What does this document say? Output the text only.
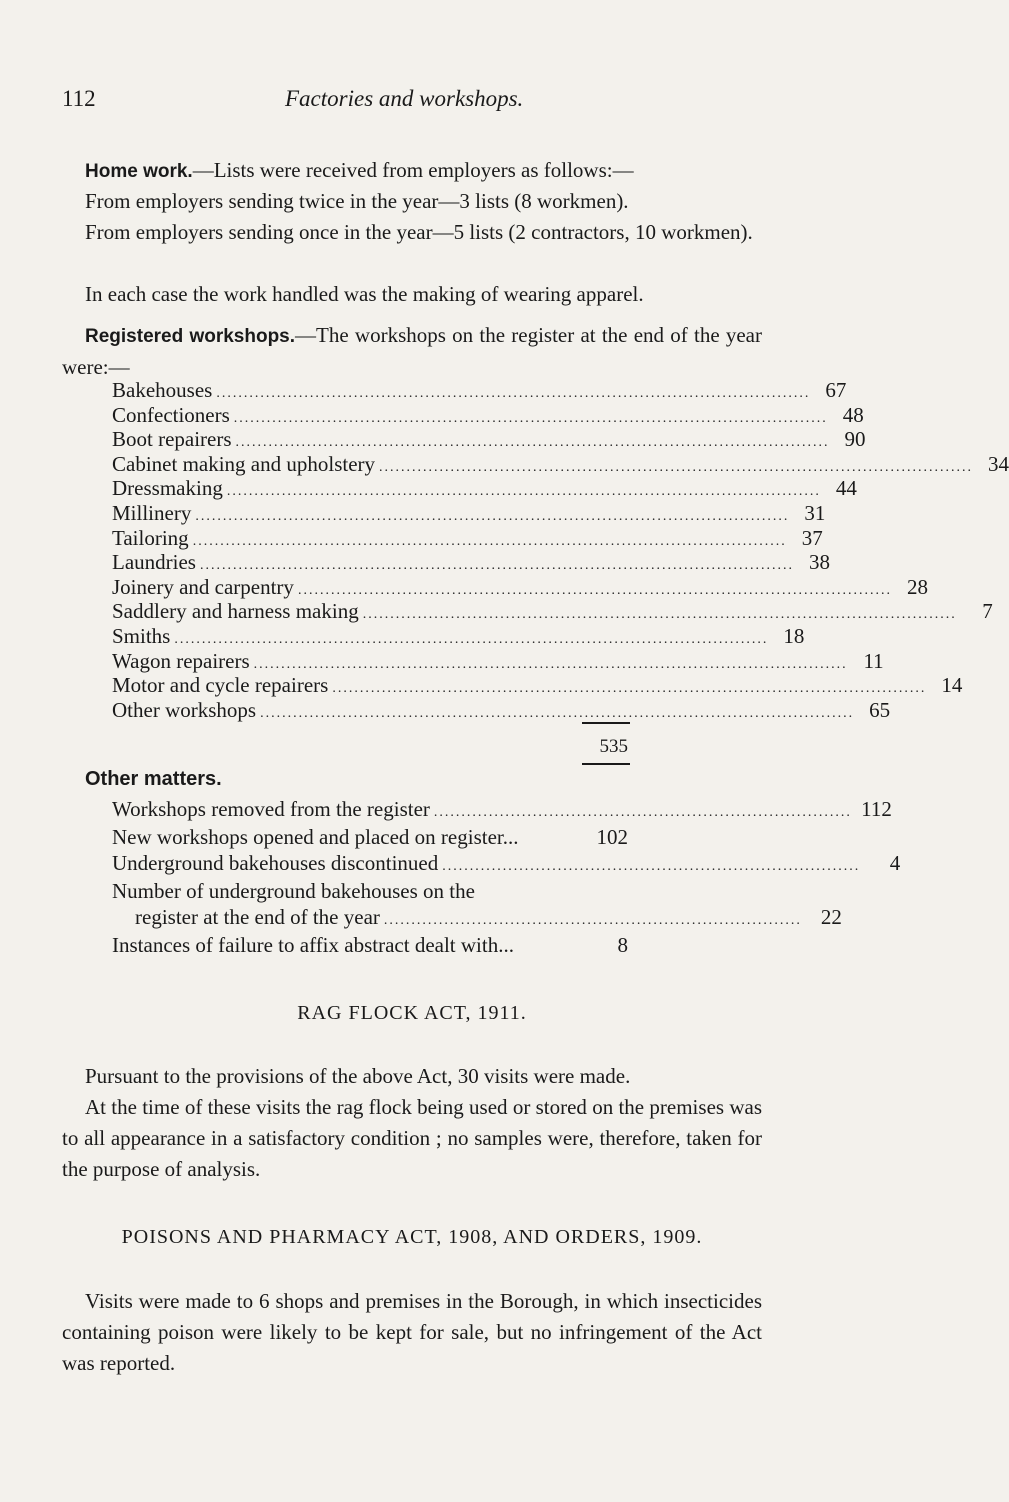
112	Factories and workshops.

Home work.—Lists were received from employers as follows:—

From employers sending twice in the year—3 lists (8 workmen).

From employers sending once in the year—5 lists (2 contractors, 10 workmen).

In each case the work handled was the making of wearing apparel.

Registered workshops.—The workshops on the register at the end of the year were:—

Bakehouses ............................................................................................................ 67
Confectioners ............................................................................................................ 48
Boot repairers ............................................................................................................ 90
Cabinet making and upholstery ............................................................................................................ 34
Dressmaking ............................................................................................................ 44
Millinery ............................................................................................................ 31
Tailoring ............................................................................................................ 37
Laundries ............................................................................................................ 38
Joinery and carpentry ............................................................................................................ 28
Saddlery and harness making ............................................................................................................	7
Smiths ............................................................................................................ 18
Wagon repairers ............................................................................................................ 11
Motor and cycle repairers ............................................................................................................ 14
Other workshops ............................................................................................................ 65
535
Other matters.
Workshops removed from the register ............................................................................ 112
New workshops opened and placed on register...	102
Underground bakehouses discontinued ............................................................................	4
Number of underground bakehouses on the
register at the end of the year ............................................................................ 22
Instances of failure to affix abstract dealt with...	8
RAG FLOCK ACT, 1911.

Pursuant to the provisions of the above Act, 30 visits were made.

At the time of these visits the rag flock being used or stored on the premises was to all appearance in a satisfactory condition ; no samples were, therefore, taken for the purpose of analysis.

POISONS AND PHARMACY ACT, 1908, AND ORDERS, 1909.

Visits were made to 6 shops and premises in the Borough, in which insecticides containing poison were likely to be kept for sale, but no infringement of the Act was reported.
